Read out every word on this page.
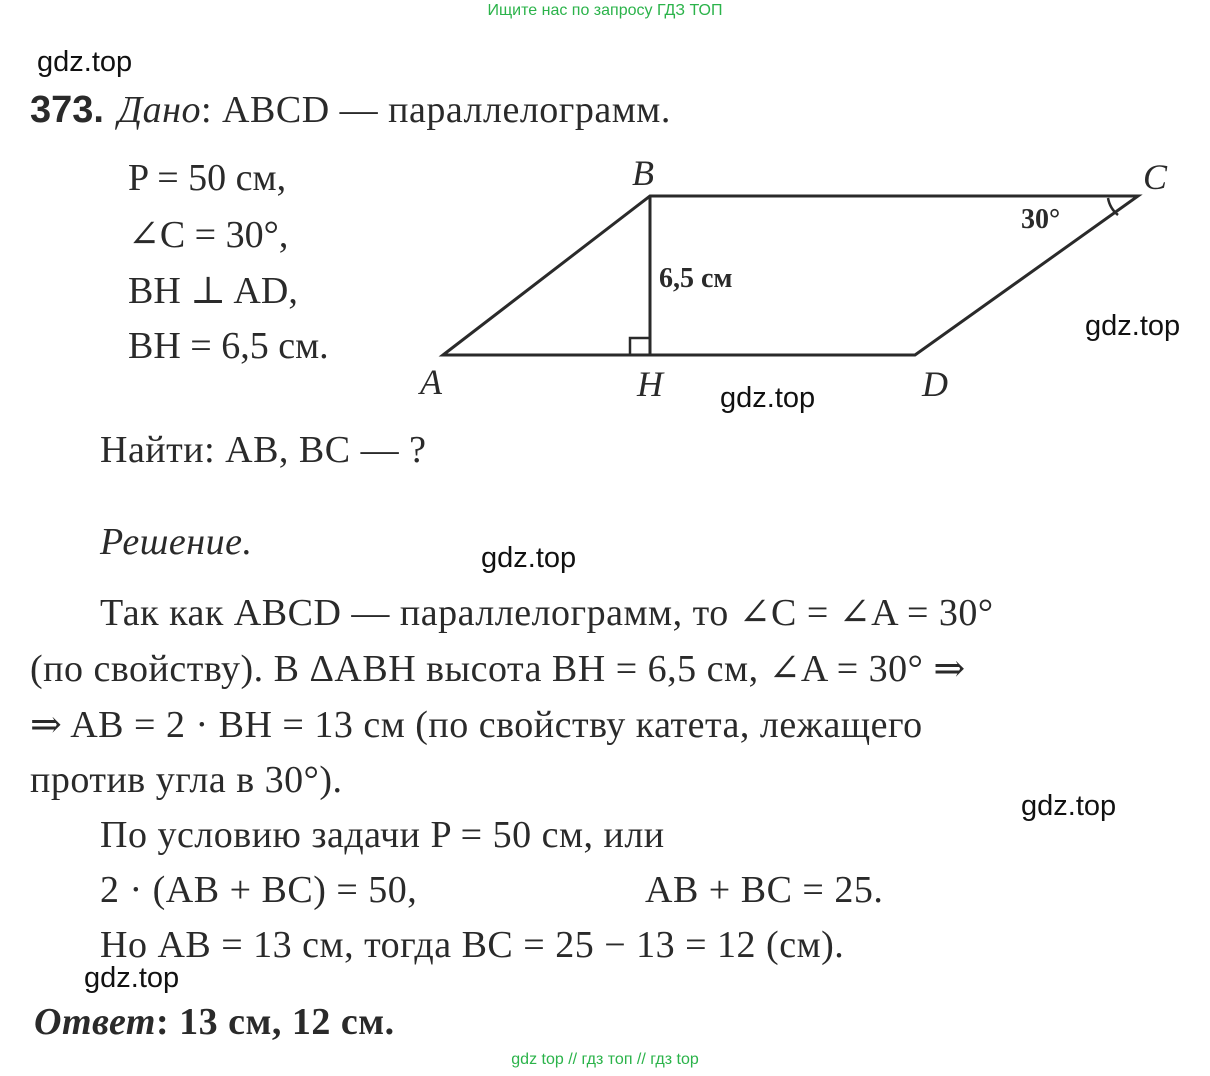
Ищите нас по запросу ГДЗ ТОП
gdz.top
gdz.top
gdz.top
gdz.top
gdz.top
gdz.top
373. Дано: ABCD — параллелограмм.
P = 50 см,
∠C = 30°,
BH ⊥ AD,
BH = 6,5 см.
B	C
A	H	D
6,5 см
30°
Найти: AB, BC — ?
Решение.
Так как ABCD — параллелограмм, то ∠C = ∠A = 30°
(по свойству). В ΔABH высота BH = 6,5 см, ∠A = 30° ⇒
⇒ AB = 2 · BH = 13 см (по свойству катета, лежащего
против угла в 30°).
По условию задачи P = 50 см, или
2 · (AB + BC) = 50,	AB + BC = 25.
Но AB = 13 см, тогда BC = 25 − 13 = 12 (см).
Ответ: 13 см, 12 см.
gdz top // гдз топ // гдз top
